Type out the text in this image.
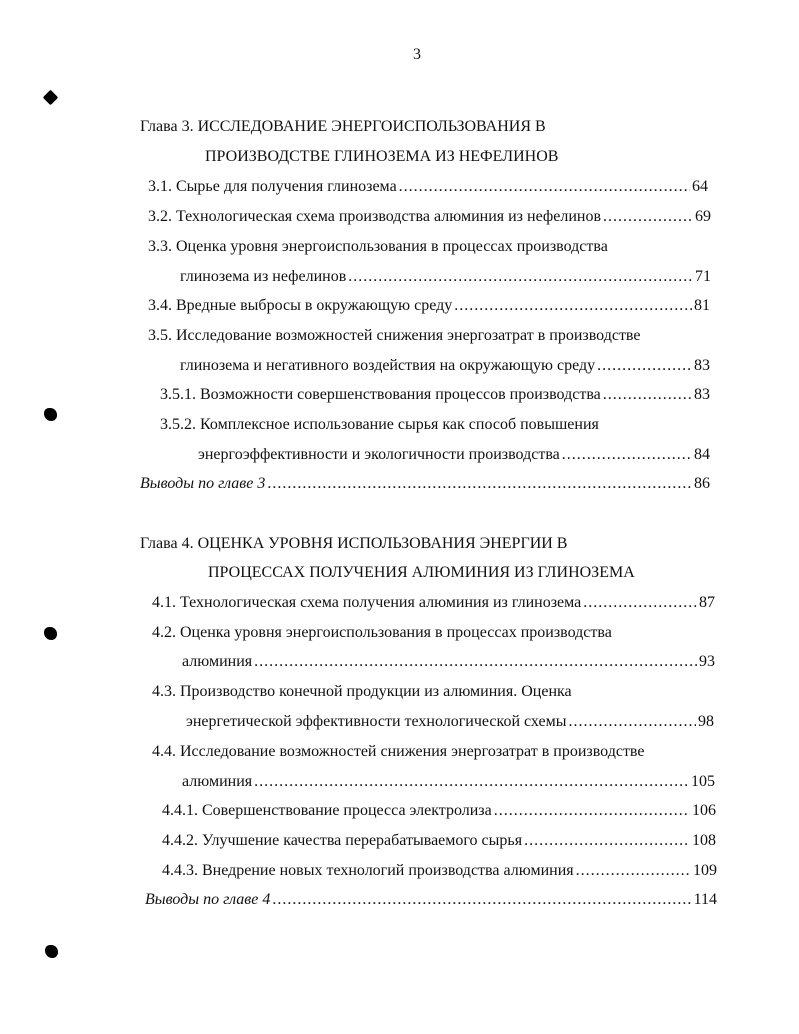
3
Глава 3. ИССЛЕДОВАНИЕ ЭНЕРГОИСПОЛЬЗОВАНИЯ В
ПРОИЗВОДСТВЕ ГЛИНОЗЕМА ИЗ НЕФЕЛИНОВ
3.1. Сырье для получения глинозема .....	64
3.2. Технологическая схема производства алюминия из нефелинов .....	69
3.3. Оценка уровня энергоиспользования в процессах производства
глинозема из нефелинов .....	71
3.4. Вредные выбросы в окружающую среду .....	81
3.5. Исследование возможностей снижения энергозатрат в производстве
глинозема и негативного воздействия на окружающую среду .....	83
3.5.1. Возможности совершенствования процессов производства .....	83
3.5.2. Комплексное использование сырья как способ повышения
энергоэффективности и экологичности производства .....	84
Выводы по главе 3 .....	86
Глава 4. ОЦЕНКА УРОВНЯ ИСПОЛЬЗОВАНИЯ ЭНЕРГИИ В
ПРОЦЕССАХ ПОЛУЧЕНИЯ АЛЮМИНИЯ ИЗ ГЛИНОЗЕМА
4.1. Технологическая схема получения алюминия из глинозема .....	87
4.2. Оценка уровня энергоиспользования в процессах производства
алюминия .....	93
4.3. Производство конечной продукции из алюминия. Оценка
энергетической эффективности технологической схемы .....	98
4.4. Исследование возможностей снижения энергозатрат в производстве
алюминия .....	105
4.4.1. Совершенствование процесса электролиза .....	106
4.4.2. Улучшение качества перерабатываемого сырья .....	108
4.4.3. Внедрение новых технологий производства алюминия .....	109
Выводы по главе 4 .....	114
